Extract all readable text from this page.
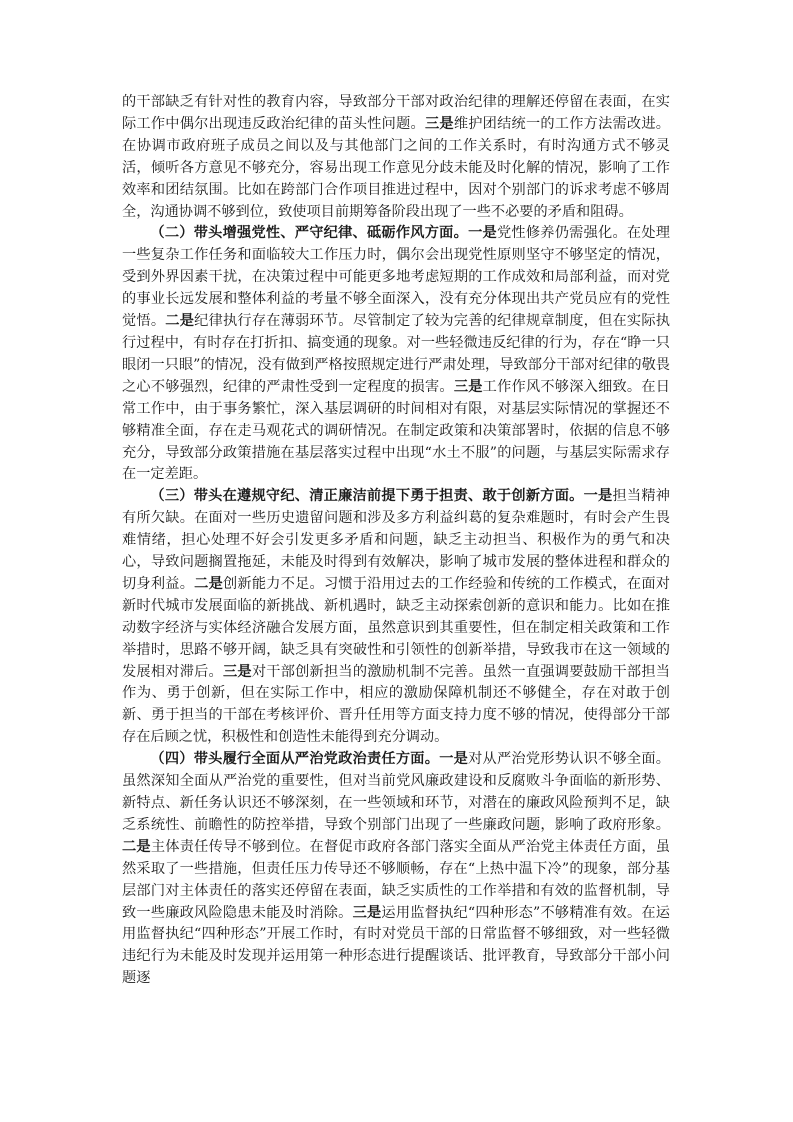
的干部缺乏有针对性的教育内容，导致部分干部对政治纪律的理解还停留在表面，在实际工作中偶尔出现违反政治纪律的苗头性问题。三是维护团结统一的工作方法需改进。在协调市政府班子成员之间以及与其他部门之间的工作关系时，有时沟通方式不够灵活，倾听各方意见不够充分，容易出现工作意见分歧未能及时化解的情况，影响了工作效率和团结氛围。比如在跨部门合作项目推进过程中，因对个别部门的诉求考虑不够周全，沟通协调不够到位，致使项目前期筹备阶段出现了一些不必要的矛盾和阻碍。

（二）带头增强党性、严守纪律、砥砺作风方面。一是党性修养仍需强化。在处理一些复杂工作任务和面临较大工作压力时，偶尔会出现党性原则坚守不够坚定的情况，受到外界因素干扰，在决策过程中可能更多地考虑短期的工作成效和局部利益，而对党的事业长远发展和整体利益的考量不够全面深入，没有充分体现出共产党员应有的党性觉悟。二是纪律执行存在薄弱环节。尽管制定了较为完善的纪律规章制度，但在实际执行过程中，有时存在打折扣、搞变通的现象。对一些轻微违反纪律的行为，存在“睁一只眼闭一只眼”的情况，没有做到严格按照规定进行严肃处理，导致部分干部对纪律的敬畏之心不够强烈，纪律的严肃性受到一定程度的损害。三是工作作风不够深入细致。在日常工作中，由于事务繁忙，深入基层调研的时间相对有限，对基层实际情况的掌握还不够精准全面，存在走马观花式的调研情况。在制定政策和决策部署时，依据的信息不够充分，导致部分政策措施在基层落实过程中出现“水土不服”的问题，与基层实际需求存在一定差距。

（三）带头在遵规守纪、清正廉洁前提下勇于担责、敢于创新方面。一是担当精神有所欠缺。在面对一些历史遗留问题和涉及多方利益纠葛的复杂难题时，有时会产生畏难情绪，担心处理不好会引发更多矛盾和问题，缺乏主动担当、积极作为的勇气和决心，导致问题搁置拖延，未能及时得到有效解决，影响了城市发展的整体进程和群众的切身利益。二是创新能力不足。习惯于沿用过去的工作经验和传统的工作模式，在面对新时代城市发展面临的新挑战、新机遇时，缺乏主动探索创新的意识和能力。比如在推动数字经济与实体经济融合发展方面，虽然意识到其重要性，但在制定相关政策和工作举措时，思路不够开阔，缺乏具有突破性和引领性的创新举措，导致我市在这一领域的发展相对滞后。三是对干部创新担当的激励机制不完善。虽然一直强调要鼓励干部担当作为、勇于创新，但在实际工作中，相应的激励保障机制还不够健全，存在对敢于创新、勇于担当的干部在考核评价、晋升任用等方面支持力度不够的情况，使得部分干部存在后顾之忧，积极性和创造性未能得到充分调动。

（四）带头履行全面从严治党政治责任方面。一是对从严治党形势认识不够全面。虽然深知全面从严治党的重要性，但对当前党风廉政建设和反腐败斗争面临的新形势、新特点、新任务认识还不够深刻，在一些领域和环节，对潜在的廉政风险预判不足，缺乏系统性、前瞻性的防控举措，导致个别部门出现了一些廉政问题，影响了政府形象。二是主体责任传导不够到位。在督促市政府各部门落实全面从严治党主体责任方面，虽然采取了一些措施，但责任压力传导还不够顺畅，存在“上热中温下冷”的现象，部分基层部门对主体责任的落实还停留在表面，缺乏实质性的工作举措和有效的监督机制，导致一些廉政风险隐患未能及时消除。三是运用监督执纪“四种形态”不够精准有效。在运用监督执纪“四种形态”开展工作时，有时对党员干部的日常监督不够细致，对一些轻微违纪行为未能及时发现并运用第一种形态进行提醒谈话、批评教育，导致部分干部小问题逐
